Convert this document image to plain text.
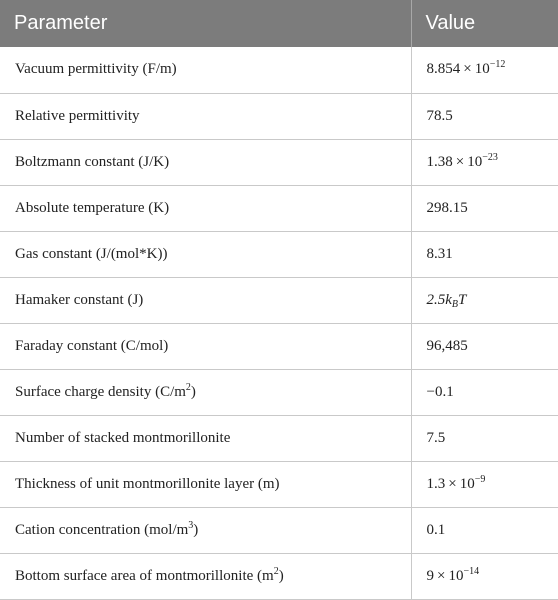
Parameter	Value
Vacuum permittivity (F/m)	$8.854 \times 10^{-12}$
Relative permittivity	78.5
Boltzmann constant (J/K)	$1.38 \times 10^{-23}$
Absolute temperature (K)	298.15
Gas constant (J/(mol*K))	8.31
Hamaker constant (J)	$2.5k_BT$
Faraday constant (C/mol)	96,485
Surface charge density $(C/m^2)$	−0.1
Number of stacked montmorillonite	7.5
Thickness of unit montmorillonite layer (m)	$1.3 \times 10^{-9}$
Cation concentration $(mol/m^3)$	0.1
Bottom surface area of montmorillonite $(m^2)$	$9 \times 10^{-14}$
